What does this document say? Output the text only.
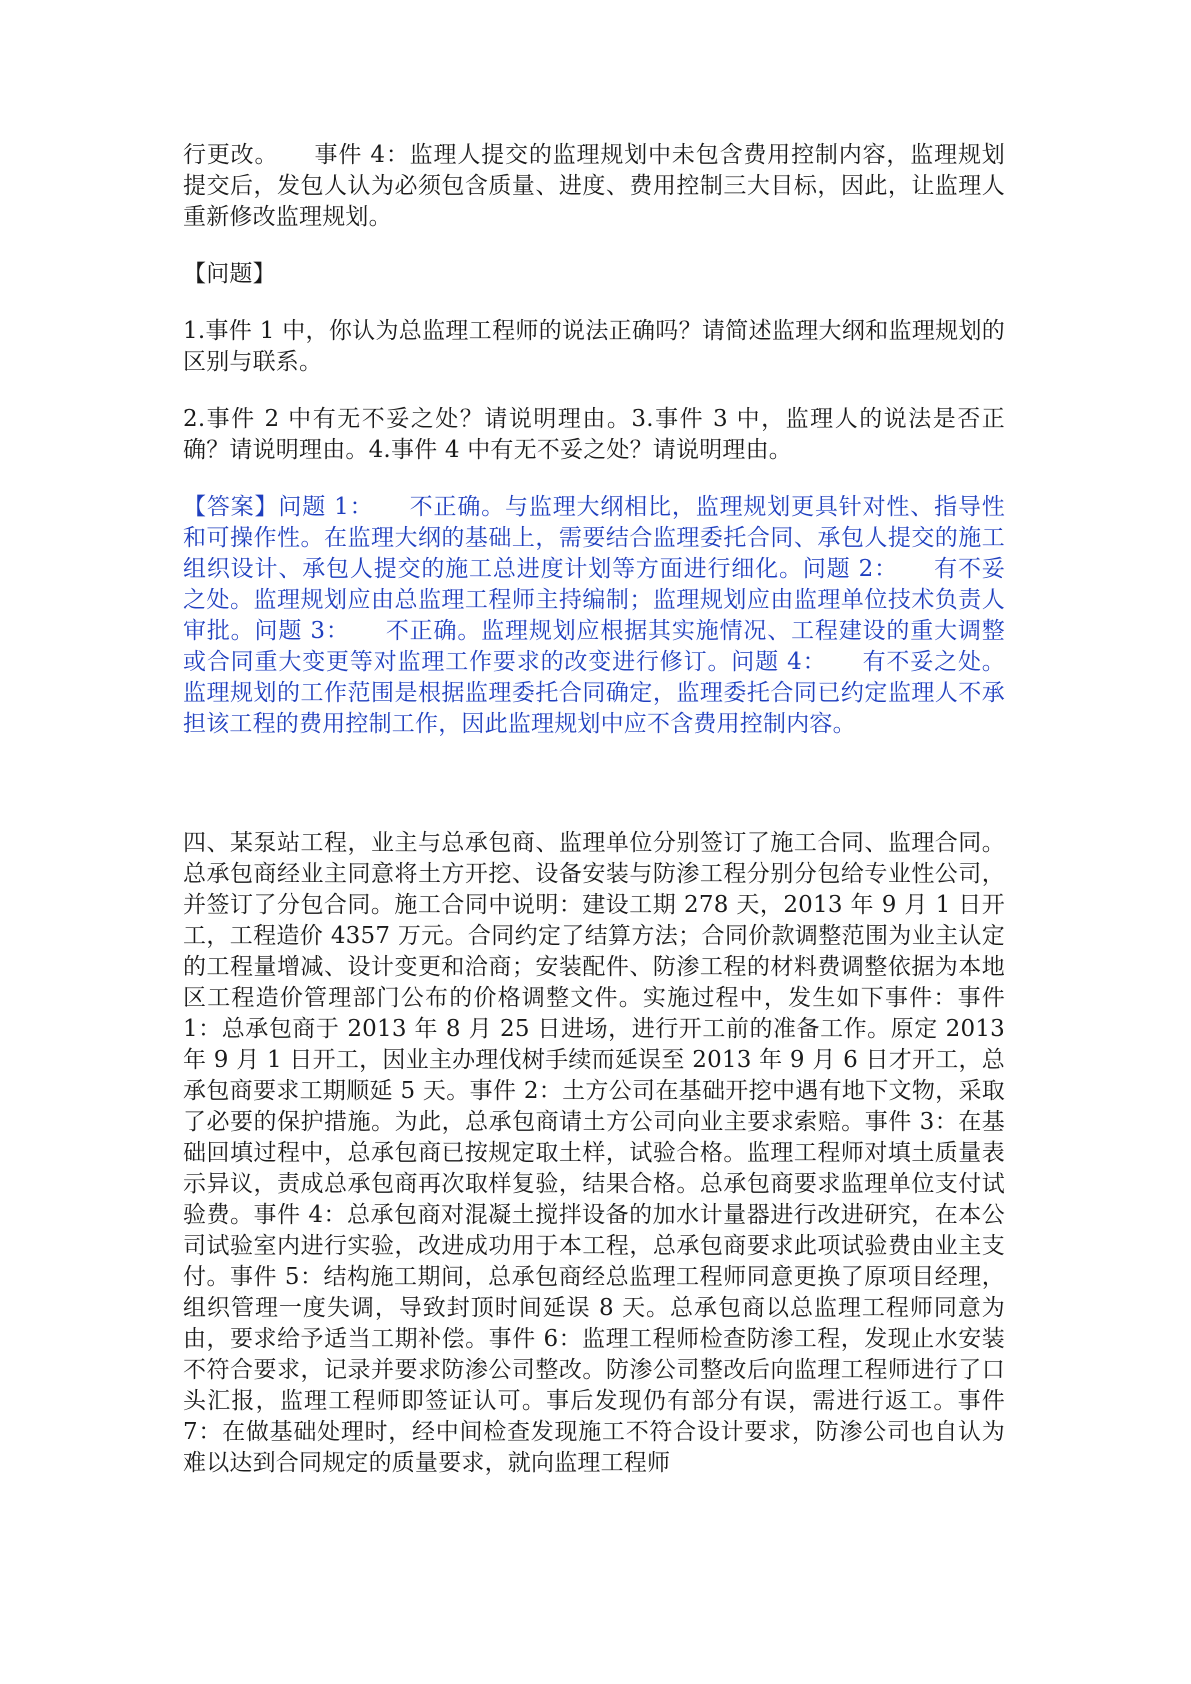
行更改。　　事件 4：监理人提交的监理规划中未包含费用控制内容，监理规划提交后，发包人认为必须包含质量、进度、费用控制三大目标，因此，让监理人重新修改监理规划。

【问题】

1.事件 1 中，你认为总监理工程师的说法正确吗？请简述监理大纲和监理规划的区别与联系。

2.事件 2 中有无不妥之处？请说明理由。3.事件 3 中，监理人的说法是否正确？请说明理由。4.事件 4 中有无不妥之处？请说明理由。

【答案】问题 1：　　不正确。与监理大纲相比，监理规划更具针对性、指导性和可操作性。在监理大纲的基础上，需要结合监理委托合同、承包人提交的施工组织设计、承包人提交的施工总进度计划等方面进行细化。问题 2：　　有不妥之处。监理规划应由总监理工程师主持编制；监理规划应由监理单位技术负责人审批。问题 3：　　不正确。监理规划应根据其实施情况、工程建设的重大调整或合同重大变更等对监理工作要求的改变进行修订。问题 4：　　有不妥之处。监理规划的工作范围是根据监理委托合同确定，监理委托合同已约定监理人不承担该工程的费用控制工作，因此监理规划中应不含费用控制内容。

四、某泵站工程，业主与总承包商、监理单位分别签订了施工合同、监理合同。总承包商经业主同意将土方开挖、设备安装与防渗工程分别分包给专业性公司，并签订了分包合同。施工合同中说明：建设工期 278 天，2013 年 9 月 1 日开工，工程造价 4357 万元。合同约定了结算方法；合同价款调整范围为业主认定的工程量增减、设计变更和洽商；安装配件、防渗工程的材料费调整依据为本地区工程造价管理部门公布的价格调整文件。实施过程中，发生如下事件：事件 1：总承包商于 2013 年 8 月 25 日进场，进行开工前的准备工作。原定 2013 年 9 月 1 日开工，因业主办理伐树手续而延误至 2013 年 9 月 6 日才开工，总承包商要求工期顺延 5 天。事件 2：土方公司在基础开挖中遇有地下文物，采取了必要的保护措施。为此，总承包商请土方公司向业主要求索赔。事件 3：在基础回填过程中，总承包商已按规定取土样，试验合格。监理工程师对填土质量表示异议，责成总承包商再次取样复验，结果合格。总承包商要求监理单位支付试验费。事件 4：总承包商对混凝土搅拌设备的加水计量器进行改进研究，在本公司试验室内进行实验，改进成功用于本工程，总承包商要求此项试验费由业主支付。事件 5：结构施工期间，总承包商经总监理工程师同意更换了原项目经理，组织管理一度失调，导致封顶时间延误 8 天。总承包商以总监理工程师同意为由，要求给予适当工期补偿。事件 6：监理工程师检查防渗工程，发现止水安装不符合要求，记录并要求防渗公司整改。防渗公司整改后向监理工程师进行了口头汇报，监理工程师即签证认可。事后发现仍有部分有误，需进行返工。事件 7：在做基础处理时，经中间检查发现施工不符合设计要求，防渗公司也自认为难以达到合同规定的质量要求，就向监理工程师
